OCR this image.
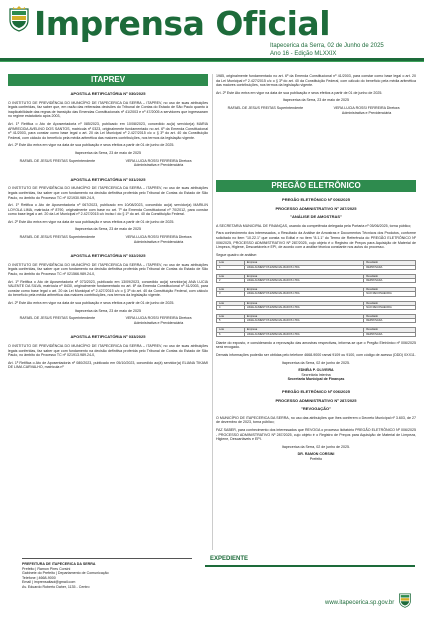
Imprensa Oficial
Itapecerica da Serra, 02 de Junho de 2025
Ano 16 - Edição MLXXIX
ITAPREV
PREGÃO ELETRÔNICO
APOSTILA RETIFICATÓRIA Nº 030/2025

O INSTITUTO DE PREVIDÊNCIA DO MUNICÍPIO DE ITAPECERICA DA SERRA – ITAPREV, no uso de suas atribuições legais conferidas, faz saber que, em razão das reiteradas decisões do Tribunal de Contas do Estado de São Paulo quanto à inaplicabilidade das regras de transição das Emendas Constitucionais nº 41/2003 e nº 47/2005 a servidores que ingressaram no regime estatutário após 2003,

Art. 1º Retifica o Ato de Aposentadoria nº 085/2023, publicado em 10/08/2023, concedido ao(à) servidor(a) MARIA APARECIDA AVELINO DOS SANTOS, matrícula nº 0323, originalmente fundamentado no art. 6º da Emenda Constitucional nº 41/2003, para constar como base legal o art. 20 da Lei Municipal nº 2.427/2015 c/c o § 3º do art. 40 da Constituição Federal, com cálculo do benefício pela média aritmética das maiores contribuições, nos termos da legislação vigente.

Art. 2º Este Ato entra em vigor na data de sua publicação e seus efeitos a partir de 01 de junho de 2025.

Itapecerica da Serra, 23 de maio de 2025

RAFAEL DE JESUS FREITAS Superintendente	VERA LUCIA ROSSI FERREIRA Diretora Administrativa e Previdenciária
APOSTILA RETIFICATÓRIA Nº 031/2025

O INSTITUTO DE PREVIDÊNCIA DO MUNICÍPIO DE ITAPECERICA DA SERRA – ITAPREV, no uso de suas atribuições legais conferidas, faz saber que com fundamento na decisão definitiva proferida pelo Tribunal de Contas do Estado de São Paulo, no âmbito do Processo TC nº 021930.989.24-9,

Art. 1º Retifica o Ato de Aposentadoria nº 067/2023, publicado em 10/08/2023, concedido ao(à) servidor(a) MARILIN LOYOLA LIMA, matrícula nº 8790, originalmente com base no art. 7º da Emenda Constitucional nº 70/2012, para constar como base legal o art. 20 da Lei Municipal nº 2.427/2015 c/c inciso I do § 1º do art. 40 da Constituição Federal.

Art. 2º Este Ato entra em vigor na data de sua publicação e seus efeitos a partir de 01 de junho de 2025.

Itapecerica da Serra, 23 de maio de 2025

RAFAEL DE JESUS FREITAS Superintendente	VERA LUCIA ROSSI FERREIRA Diretora Administrativa e Previdenciária
APOSTILA RETIFICATÓRIA Nº 032/2025

O INSTITUTO DE PREVIDÊNCIA DO MUNICÍPIO DE ITAPECERICA DA SERRA – ITAPREV, no uso de suas atribuições legais conferidas, faz saber que com fundamento na decisão definitiva proferida pelo Tribunal de Contas do Estado de São Paulo, no âmbito do Processo TC nº 021566.989.24-0,

Art. 1º Retifica o Ato de Aposentadoria nº 073/2023, publicado em 13/09/2023, concedido ao(à) servidor(a) ANA LUCIA VALENTE DA SILVA, matrícula nº 8430, originalmente fundamentado no art. 6º da Emenda Constitucional nº 41/2003, para constar como base legal o art. 20 da Lei Municipal nº 2.427/2015 c/c o § 3º do art. 40 da Constituição Federal, com cálculo do benefício pela média aritmética das maiores contribuições, nos termos da legislação vigente.

Art. 2º Este Ato entra em vigor na data de sua publicação e seus efeitos a partir de 01 de junho de 2025.

Itapecerica da Serra, 23 de maio de 2025

RAFAEL DE JESUS FREITAS Superintendente	VERA LUCIA ROSSI FERREIRA Diretora Administrativa e Previdenciária
APOSTILA RETIFICATÓRIA Nº 033/2025

O INSTITUTO DE PREVIDÊNCIA DO MUNICÍPIO DE ITAPECERICA DA SERRA – ITAPREV, no uso de suas atribuições legais conferidas, faz saber que com fundamento na decisão definitiva proferida pelo Tribunal de Contas do Estado de São Paulo, no âmbito do Processo TC nº 021913.989.24-0,

Art. 1º Retifica o Ato de Aposentadoria nº 080/2023, publicado em 05/10/2023, concedido ao(à) servidor(a) ELIANA TIKAMI DE LIMA CARVALHO, matrícula nº

1985, originalmente fundamentado no art. 6º da Emenda Constitucional nº 41/2003, para constar como base legal o art. 20 da Lei Municipal nº 2.427/2015 c/c o § 3º do art. 40 da Constituição Federal, com cálculo do benefício pela média aritmética das maiores contribuições, nos termos da legislação vigente.

Art. 2º Este Ato entra em vigor na data de sua publicação e seus efeitos a partir de 01 de junho de 2025.

Itapecerica da Serra, 23 de maio de 2025

RAFAEL DE JESUS FREITAS Superintendente	VERA LUCIA ROSSI FERREIRA Diretora Administrativa e Previdenciária
PREGÃO ELETRÔNICO Nº 006/2025
PROCESSO ADMINISTRATIVO Nº 287/2025
"ANÁLISE DE AMOSTRAS"

A SECRETARIA MUNICIPAL DE FINANÇAS, usando da competência delegada pela Portaria nº 05/06/2025, torna público;

Para conhecimento dos interessados, o Resultado da Análise de Amostras e Documentos Técnicos dos Produtos, conforme solicitado no item "10.22.1" que consta no Edital e no item "8.1.1" do Termo de Referência do PREGÃO ELETRÔNICO Nº 006/2025, PROCESSO ADMINISTRATIVO Nº 287/2025, cujo objeto é o Registro de Preços para Aquisição de Material de Limpeza, Higiene, Descartáveis e EPI, de acordo com a análise técnica constante nos autos do processo.

Segue quadro de análise:

Lote	Empresa	Resultado
1	HIGIE ALIMENTOS ESPECIALIZADOS LTDA	REPROVADA
Lote	Empresa	Resultado
2	HIGIE ALIMENTOS ESPECIALIZADOS LTDA	REPROVADA
Lote	Empresa	Resultado
3	HIGIE ALIMENTOS ESPECIALIZADOS LTDA	NÃO RECONHECIDA
Lote	Empresa	Resultado
4	HIGIE ALIMENTOS ESPECIALIZADOS LTDA	NÃO RECONHECIDA
Lote	Empresa	Resultado
5	HIGIE ALIMENTOS ESPECIALIZADOS LTDA	REPROVADA
Lote	Empresa	Resultado
6	HIGIE ALIMENTOS ESPECIALIZADOS LTDA	REPROVADA

Diante do exposto, e considerando a reprovação das amostras respectivas, informa-se que o Pregão Eletrônico nº 006/2025 será revogado.

Demais informações poderão ser obtidas pelo telefone 4668-9000 ramal 9109 ou 9100, com código de acesso (DDD) 0XX11.

Itapecerica da Serra, 02 de junho de 2025.

EDNÉIA P. OLIVEIRA
Secretária Interina
Secretaria Municipal de Finanças
PREGÃO ELETRÔNICO Nº 006/2025
PROCESSO ADMINISTRATIVO Nº 287/2025
"REVOGAÇÃO"

O MUNICÍPIO DE ITAPECERICA DA SERRA, no uso das atribuições que lhes conferem o Decreto Municipal nº 3.603, de 27 de dezembro de 2023, torna público;

FAZ SABER, para conhecimento dos interessados que REVOGA o processo licitatório PREGÃO ELETRÔNICO Nº 006/2025 - PROCESSO ADMINISTRATIVO Nº 287/2025, cujo objeto é o Registro de Preços para Aquisição de Material de Limpeza, Higiene, Descartáveis e EPI.

Itapecerica da Serra, 02 de junho de 2025.

DR. RAMON CORSINI
Prefeito
PREFEITURA DE ITAPECERICA DA SERRA
Prefeito | Ramon Pires Corsini
Gabinete do Prefeito | Departamento de Comunicação
Telefone | 4668-9000
Email | imprensaitaoi@gmail.com
Av. Eduardo Roberto Daher, 1135 - Centro
EXPEDIENTE
www.itapecerica.sp.gov.br
